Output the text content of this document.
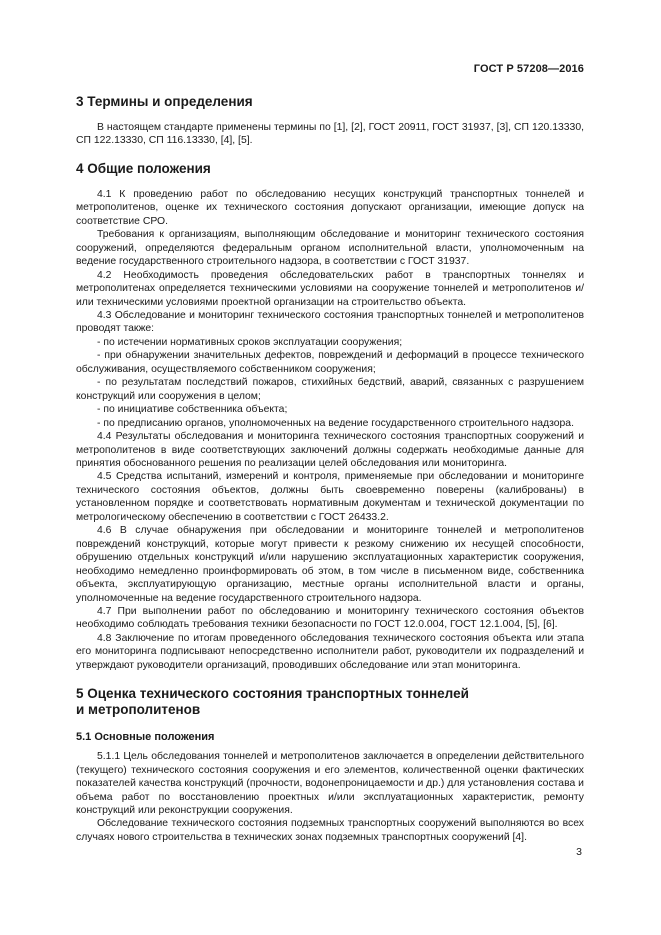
ГОСТ Р 57208—2016
3 Термины и определения

В настоящем стандарте применены термины по [1], [2], ГОСТ 20911, ГОСТ 31937, [3], СП 120.13330, СП 122.13330, СП 116.13330, [4], [5].

4 Общие положения

4.1 К проведению работ по обследованию несущих конструкций транспортных тоннелей и метрополитенов, оценке их технического состояния допускают организации, имеющие допуск на соответствие СРО.

Требования к организациям, выполняющим обследование и мониторинг технического состояния сооружений, определяются федеральным органом исполнительной власти, уполномоченным на ведение государственного строительного надзора, в соответствии с ГОСТ 31937.

4.2 Необходимость проведения обследовательских работ в транспортных тоннелях и метрополитенах определяется техническими условиями на сооружение тоннелей и метрополитенов и/или техническими условиями проектной организации на строительство объекта.

4.3 Обследование и мониторинг технического состояния транспортных тоннелей и метрополитенов проводят также:

- по истечении нормативных сроков эксплуатации сооружения;

- при обнаружении значительных дефектов, повреждений и деформаций в процессе технического обслуживания, осуществляемого собственником сооружения;

- по результатам последствий пожаров, стихийных бедствий, аварий, связанных с разрушением конструкций или сооружения в целом;

- по инициативе собственника объекта;

- по предписанию органов, уполномоченных на ведение государственного строительного надзора.

4.4 Результаты обследования и мониторинга технического состояния транспортных сооружений и метрополитенов в виде соответствующих заключений должны содержать необходимые данные для принятия обоснованного решения по реализации целей обследования или мониторинга.

4.5 Средства испытаний, измерений и контроля, применяемые при обследовании и мониторинге технического состояния объектов, должны быть своевременно поверены (калиброваны) в установленном порядке и соответствовать нормативным документам и технической документации по метрологическому обеспечению в соответствии с ГОСТ 26433.2.

4.6 В случае обнаружения при обследовании и мониторинге тоннелей и метрополитенов повреждений конструкций, которые могут привести к резкому снижению их несущей способности, обрушению отдельных конструкций и/или нарушению эксплуатационных характеристик сооружения, необходимо немедленно проинформировать об этом, в том числе в письменном виде, собственника объекта, эксплуатирующую организацию, местные органы исполнительной власти и органы, уполномоченные на ведение государственного строительного надзора.

4.7 При выполнении работ по обследованию и мониторингу технического состояния объектов необходимо соблюдать требования техники безопасности по ГОСТ 12.0.004, ГОСТ 12.1.004, [5], [6].

4.8 Заключение по итогам проведенного обследования технического состояния объекта или этапа его мониторинга подписывают непосредственно исполнители работ, руководители их подразделений и утверждают руководители организаций, проводивших обследование или этап мониторинга.

5 Оценка технического состояния транспортных тоннелей
и метрополитенов
5.1 Основные положения

5.1.1 Цель обследования тоннелей и метрополитенов заключается в определении действительного (текущего) технического состояния сооружения и его элементов, количественной оценки фактических показателей качества конструкций (прочности, водонепроницаемости и др.) для установления состава и объема работ по восстановлению проектных и/или эксплуатационных характеристик, ремонту конструкций или реконструкции сооружения.

Обследование технического состояния подземных транспортных сооружений выполняются во всех случаях нового строительства в технических зонах подземных транспортных сооружений [4].

3
